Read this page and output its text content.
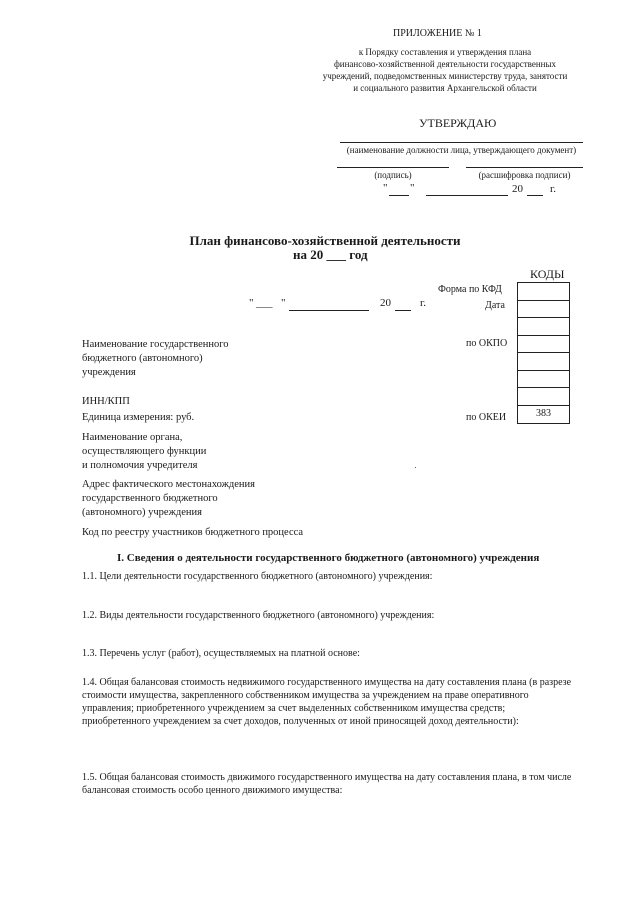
ПРИЛОЖЕНИЕ № 1
к Порядку составления и утверждения плана
финансово-хозяйственной деятельности государственных
учреждений, подведомственных министерству труда, занятости
и социального развития Архангельской области
УТВЕРЖДАЮ
(наименование должности лица, утверждающего документ)
(подпись)	(расшифровка подписи)
" "	20 г.
План финансово-хозяйственной деятельности
на 20 ___ год
КОДЫ
Форма по КФД
Дата
по ОКПО
по ОКЕИ	383
" ___ "	20	г.
Наименование государственного
бюджетного (автономного)
учреждения
ИНН/КПП
Единица измерения: руб.
Наименование органа,
осуществляющего функции
и полномочия учредителя
Адрес фактического местонахождения
государственного бюджетного
(автономного) учреждения
Код по реестру участников бюджетного процесса
I. Сведения о деятельности государственного бюджетного (автономного) учреждения
1.1. Цели деятельности государственного бюджетного (автономного) учреждения:
1.2. Виды деятельности государственного бюджетного (автономного) учреждения:
1.3. Перечень услуг (работ), осуществляемых на платной основе:
1.4. Общая балансовая стоимость недвижимого государственного имущества на дату составления плана (в разрезе стоимости имущества, закрепленного собственником имущества за учреждением на праве оперативного управления; приобретенного учреждением за счет выделенных собственником имущества средств; приобретенного учреждением за счет доходов, полученных от иной приносящей доход деятельности):
1.5. Общая балансовая стоимость движимого государственного имущества на дату составления плана, в том числе балансовая стоимость особо ценного движимого имущества:
